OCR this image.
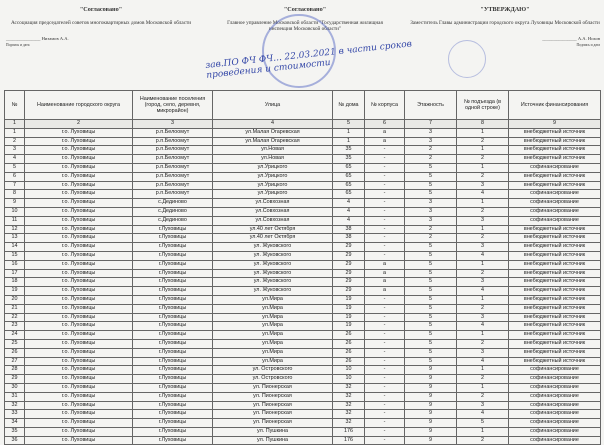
"Согласовано"
Ассоциация председателей советов многоквартирных домов Московской области
_______________ Низамов А.А.
Подпись и дата
"Согласовано"
Главное управление Московской области "Государственная жилищная инспекция Московской области"
"УТВЕРЖДАЮ"
Заместитель Главы администрации городского округа Луховицы Московской области
_______________ А.А. Нохов
Подпись и дата
зав.ПО ФЧ ФЧ... 22.03.2021 в части сроков проведения и стоимости
№	Наименование городского округа	Наименование поселения (город, село, деревня, микрорайон)	Улица	№ дома	№ корпуса	Этажность	№ подъезда (в одной строке)	Источник финансирования
1	2	3	4	5	6	7	8	9
1	г.о. Луховицы	р.п.Белоомут	ул.Малая Огаревская	1	а	3	1	внебюджетный источник
2	г.о. Луховицы	р.п.Белоомут	ул.Малая Огаревская	1	а	3	2	внебюджетный источник
3	г.о. Луховицы	р.п.Белоомут	ул.Новая	35	-	2	1	внебюджетный источник
4	г.о. Луховицы	р.п.Белоомут	ул.Новая	35	-	2	2	внебюджетный источник
5	г.о. Луховицы	р.п.Белоомут	ул.Урицкого	65	-	5	1	софинансирование
6	г.о. Луховицы	р.п.Белоомут	ул.Урицкого	65	-	5	2	внебюджетный источник
7	г.о. Луховицы	р.п.Белоомут	ул.Урицкого	65	-	5	3	внебюджетный источник
8	г.о. Луховицы	р.п.Белоомут	ул.Урицкого	65	-	5	4	софинансирование
9	г.о. Луховицы	с.Дединово	ул.Совхозная	4	-	3	1	софинансирование
10	г.о. Луховицы	с.Дединово	ул.Совхозная	4	-	3	2	софинансирование
11	г.о. Луховицы	с.Дединово	ул.Совхозная	4	-	3	3	софинансирование
12	г.о. Луховицы	г.Луховицы	ул.40 лет Октября	38	-	2	1	внебюджетный источник
13	г.о. Луховицы	г.Луховицы	ул.40 лет Октября	38	-	2	2	внебюджетный источник
14	г.о. Луховицы	г.Луховицы	ул. Жуковского	29	-	5	3	внебюджетный источник
15	г.о. Луховицы	г.Луховицы	ул. Жуковского	29	-	5	4	внебюджетный источник
16	г.о. Луховицы	г.Луховицы	ул. Жуковского	29	а	5	1	внебюджетный источник
17	г.о. Луховицы	г.Луховицы	ул. Жуковского	29	а	5	2	внебюджетный источник
18	г.о. Луховицы	г.Луховицы	ул. Жуковского	29	а	5	3	внебюджетный источник
19	г.о. Луховицы	г.Луховицы	ул. Жуковского	29	а	5	4	внебюджетный источник
20	г.о. Луховицы	г.Луховицы	ул.Мира	19	-	5	1	внебюджетный источник
21	г.о. Луховицы	г.Луховицы	ул.Мира	19	-	5	2	внебюджетный источник
22	г.о. Луховицы	г.Луховицы	ул.Мира	19	-	5	3	внебюджетный источник
23	г.о. Луховицы	г.Луховицы	ул.Мира	19	-	5	4	внебюджетный источник
24	г.о. Луховицы	г.Луховицы	ул.Мира	26	-	5	1	внебюджетный источник
25	г.о. Луховицы	г.Луховицы	ул.Мира	26	-	5	2	внебюджетный источник
26	г.о. Луховицы	г.Луховицы	ул.Мира	26	-	5	3	внебюджетный источник
27	г.о. Луховицы	г.Луховицы	ул.Мира	26	-	5	4	внебюджетный источник
28	г.о. Луховицы	г.Луховицы	ул. Островского	10	-	9	1	софинансирование
29	г.о. Луховицы	г.Луховицы	ул. Островского	10	-	9	2	софинансирование
30	г.о. Луховицы	г.Луховицы	ул. Пионерская	32	-	9	1	софинансирование
31	г.о. Луховицы	г.Луховицы	ул. Пионерская	32	-	9	2	софинансирование
32	г.о. Луховицы	г.Луховицы	ул. Пионерская	32	-	9	3	софинансирование
33	г.о. Луховицы	г.Луховицы	ул. Пионерская	32	-	9	4	софинансирование
34	г.о. Луховицы	г.Луховицы	ул. Пионерская	32	-	9	5	софинансирование
35	г.о. Луховицы	г.Луховицы	ул. Пушкина	176	-	9	1	софинансирование
36	г.о. Луховицы	г.Луховицы	ул. Пушкина	176	-	9	2	софинансирование
